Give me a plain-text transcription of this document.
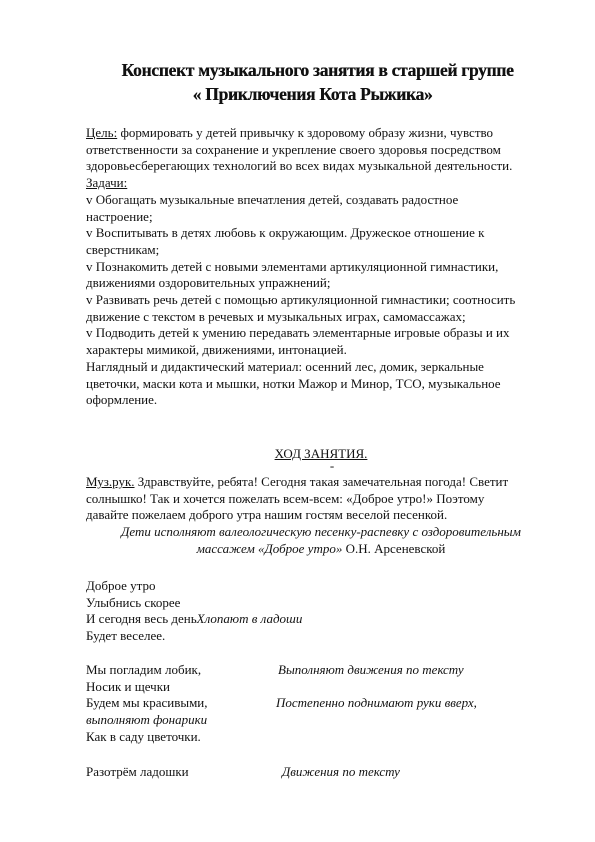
Конспект музыкального занятия в старшей группе
« Приключения Кота Рыжика»

Цель: формировать у детей привычку к здоровому образу жизни, чувство

ответственности за сохранение и укрепление своего здоровья посредством

здоровьесберегающих технологий во всех видах музыкальной деятельности.

Задачи:

v Обогащать музыкальные впечатления детей, создавать радостное

настроение;

v Воспитывать в детях любовь к окружающим. Дружеское отношение к

сверстникам;

v Познакомить детей с новыми элементами артикуляционной гимнастики,

движениями оздоровительных упражнений;

v Развивать речь детей с помощью артикуляционной гимнастики; соотносить

движение с текстом в речевых и музыкальных играх, самомассажах;

v Подводить детей к умению передавать элементарные игровые образы и их

характеры мимикой, движениями, интонацией.

Наглядный и дидактический материал: осенний лес, домик, зеркальные

цветочки, маски кота и мышки, нотки Мажор и Минор, ТСО, музыкальное

оформление.

ХОД ЗАНЯТИЯ.
-

Муз.рук. Здравствуйте, ребята! Сегодня такая замечательная погода! Светит

солнышко! Так и хочется пожелать всем-всем: «Доброе утро!» Поэтому

давайте пожелаем доброго утра нашим гостям веселой песенкой.

Дети исполняют валеологическую песенку-распевку с оздоровительным

массажем «Доброе утро» О.Н. Арсеневской

Доброе утро
Улыбнись скорее
И сегодня весь деньХлопают в ладоши
Будет веселее.
Мы погладим лобик,	Выполняют движения по тексту
Носик и щечки
Будем мы красивыми,	Постепенно поднимают руки вверх,
выполняют фонарики
Как в саду цветочки.
Разотрём ладошки	Движения по тексту
